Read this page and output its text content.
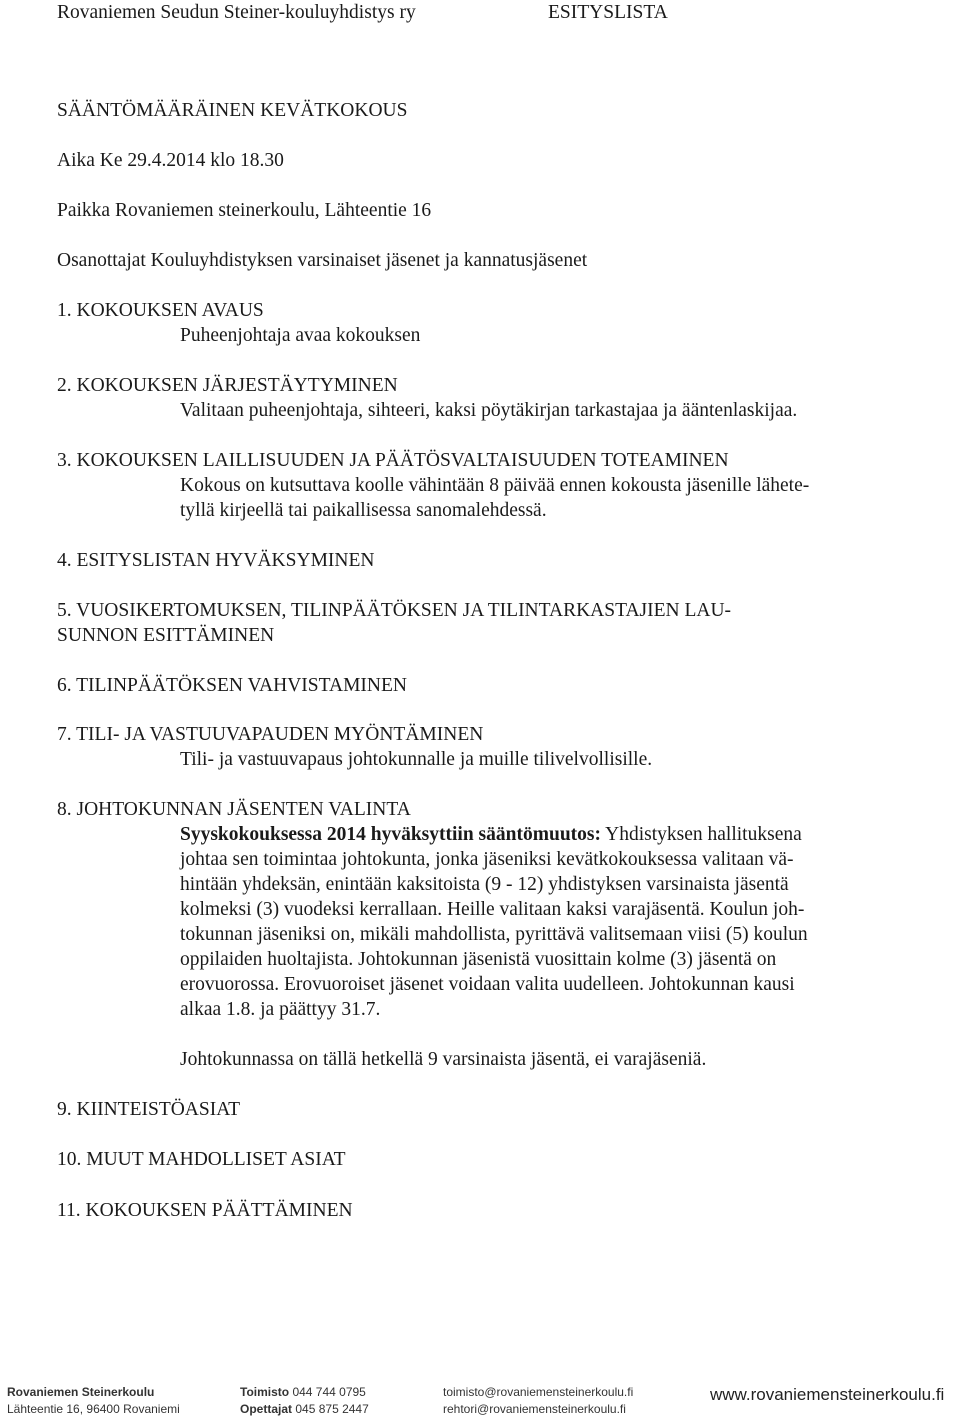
Rovaniemen Seudun Steiner-kouluyhdistys ry	ESITYSLISTA
SÄÄNTÖMÄÄRÄINEN KEVÄTKOKOUS
Aika Ke 29.4.2014 klo 18.30
Paikka Rovaniemen steinerkoulu, Lähteentie 16
Osanottajat Kouluyhdistyksen varsinaiset jäsenet ja kannatusjäsenet
1. KOKOUKSEN AVAUS
Puheenjohtaja avaa kokouksen
2. KOKOUKSEN JÄRJESTÄYTYMINEN
Valitaan puheenjohtaja, sihteeri, kaksi pöytäkirjan tarkastajaa ja ääntenlaskijaa.
3. KOKOUKSEN LAILLISUUDEN JA PÄÄTÖSVALTAISUUDEN TOTEAMINEN
Kokous on kutsuttava koolle vähintään 8 päivää ennen kokousta jäsenille lähete-
tyllä kirjeellä tai paikallisessa sanomalehdessä.
4. ESITYSLISTAN HYVÄKSYMINEN
5. VUOSIKERTOMUKSEN, TILINPÄÄTÖKSEN JA TILINTARKASTAJIEN LAU-
SUNNON ESITTÄMINEN
6. TILINPÄÄTÖKSEN VAHVISTAMINEN
7. TILI- JA VASTUUVAPAUDEN MYÖNTÄMINEN
Tili- ja vastuuvapaus johtokunnalle ja muille tilivelvollisille.
8. JOHTOKUNNAN JÄSENTEN VALINTA
Syyskokouksessa 2014 hyväksyttiin sääntömuutos: Yhdistyksen hallituksena
johtaa sen toimintaa johtokunta, jonka jäseniksi kevätkokouksessa valitaan vä-
hintään yhdeksän, enintään kaksitoista (9 - 12) yhdistyksen varsinaista jäsentä
kolmeksi (3) vuodeksi kerrallaan. Heille valitaan kaksi varajäsentä. Koulun joh-
tokunnan jäseniksi on, mikäli mahdollista, pyrittävä valitsemaan viisi (5) koulun
oppilaiden huoltajista. Johtokunnan jäsenistä vuosittain kolme (3) jäsentä on
erovuorossa. Erovuoroiset jäsenet voidaan valita uudelleen. Johtokunnan kausi
alkaa 1.8. ja päättyy 31.7.
Johtokunnassa on tällä hetkellä 9 varsinaista jäsentä, ei varajäseniä.
9. KIINTEISTÖASIAT
10. MUUT MAHDOLLISET ASIAT
11. KOKOUKSEN PÄÄTTÄMINEN
Rovaniemen Steinerkoulu
Lähteentie 16, 96400 Rovaniemi
Toimisto 044 744 0795
Opettajat 045 875 2447
toimisto@rovaniemensteinerkoulu.fi
rehtori@rovaniemensteinerkoulu.fi
www.rovaniemensteinerkoulu.fi
